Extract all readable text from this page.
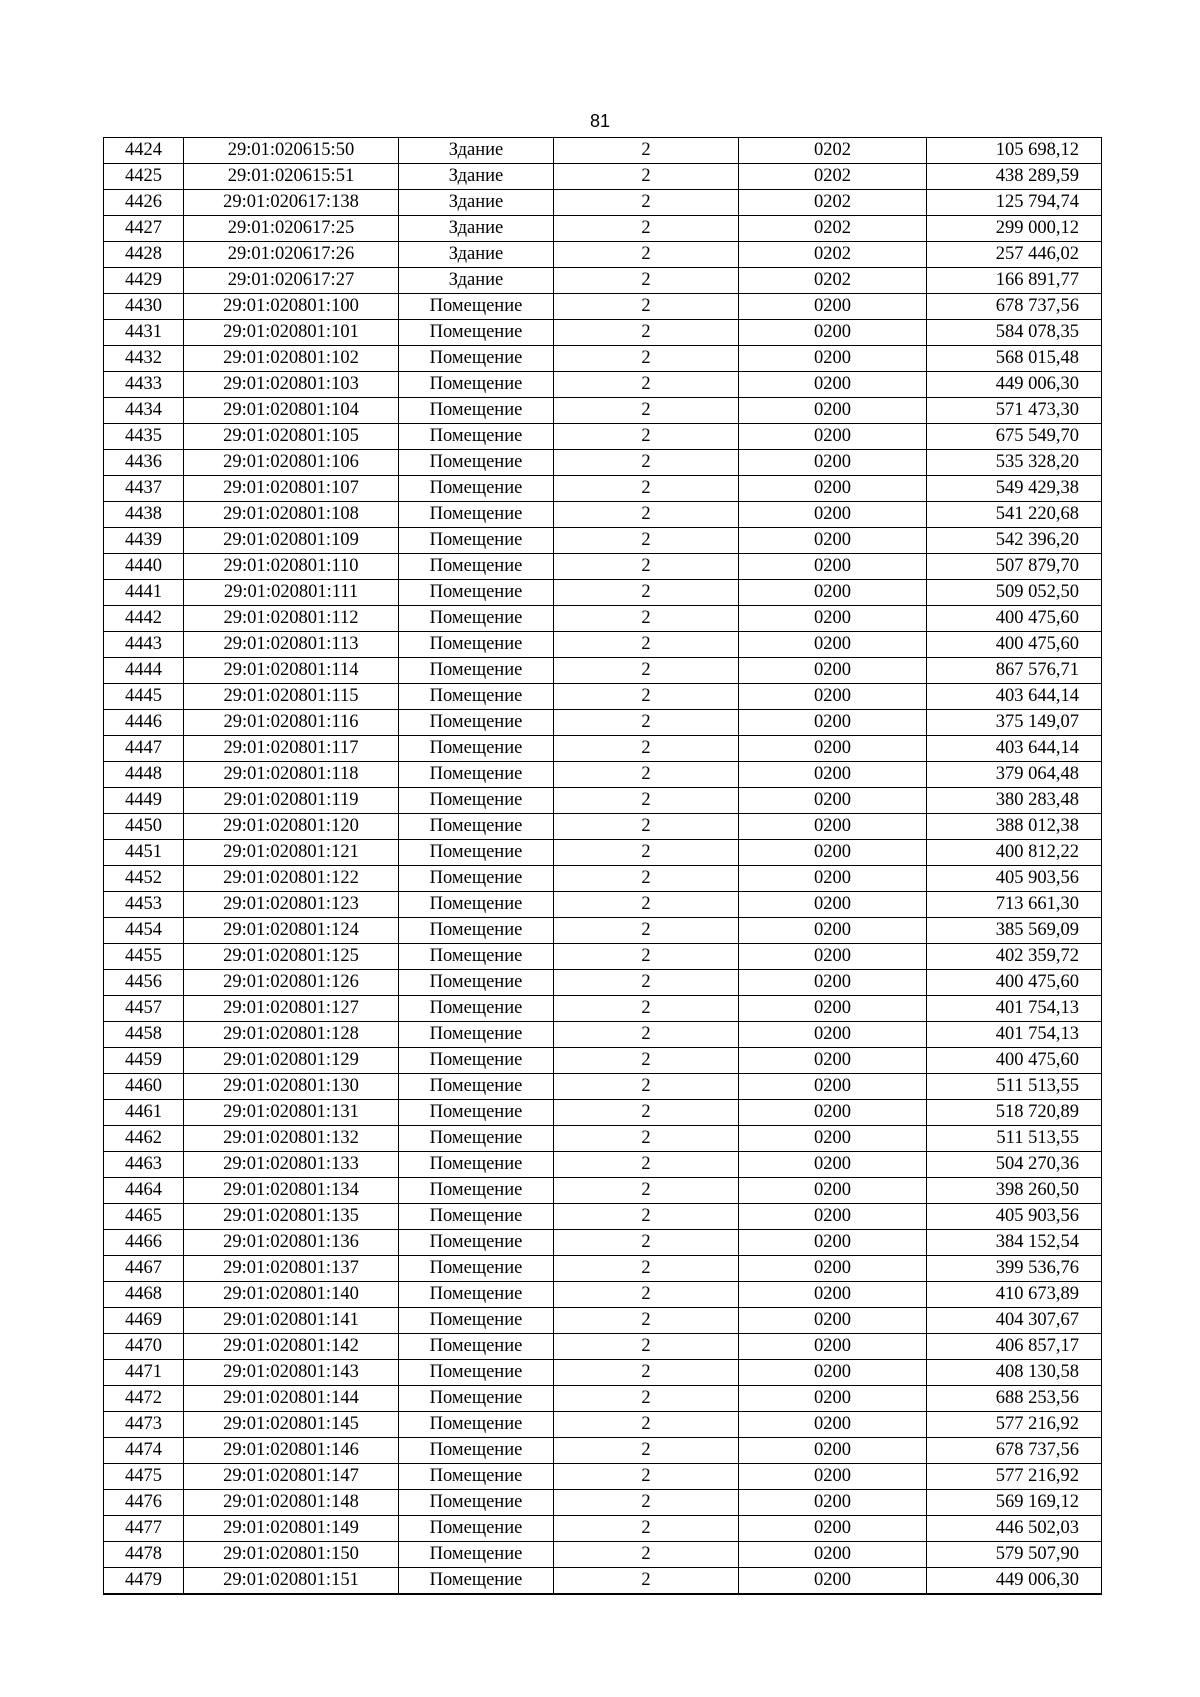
81
4424	29:01:020615:50	Здание	2	0202	105 698,12
4425	29:01:020615:51	Здание	2	0202	438 289,59
4426	29:01:020617:138	Здание	2	0202	125 794,74
4427	29:01:020617:25	Здание	2	0202	299 000,12
4428	29:01:020617:26	Здание	2	0202	257 446,02
4429	29:01:020617:27	Здание	2	0202	166 891,77
4430	29:01:020801:100	Помещение	2	0200	678 737,56
4431	29:01:020801:101	Помещение	2	0200	584 078,35
4432	29:01:020801:102	Помещение	2	0200	568 015,48
4433	29:01:020801:103	Помещение	2	0200	449 006,30
4434	29:01:020801:104	Помещение	2	0200	571 473,30
4435	29:01:020801:105	Помещение	2	0200	675 549,70
4436	29:01:020801:106	Помещение	2	0200	535 328,20
4437	29:01:020801:107	Помещение	2	0200	549 429,38
4438	29:01:020801:108	Помещение	2	0200	541 220,68
4439	29:01:020801:109	Помещение	2	0200	542 396,20
4440	29:01:020801:110	Помещение	2	0200	507 879,70
4441	29:01:020801:111	Помещение	2	0200	509 052,50
4442	29:01:020801:112	Помещение	2	0200	400 475,60
4443	29:01:020801:113	Помещение	2	0200	400 475,60
4444	29:01:020801:114	Помещение	2	0200	867 576,71
4445	29:01:020801:115	Помещение	2	0200	403 644,14
4446	29:01:020801:116	Помещение	2	0200	375 149,07
4447	29:01:020801:117	Помещение	2	0200	403 644,14
4448	29:01:020801:118	Помещение	2	0200	379 064,48
4449	29:01:020801:119	Помещение	2	0200	380 283,48
4450	29:01:020801:120	Помещение	2	0200	388 012,38
4451	29:01:020801:121	Помещение	2	0200	400 812,22
4452	29:01:020801:122	Помещение	2	0200	405 903,56
4453	29:01:020801:123	Помещение	2	0200	713 661,30
4454	29:01:020801:124	Помещение	2	0200	385 569,09
4455	29:01:020801:125	Помещение	2	0200	402 359,72
4456	29:01:020801:126	Помещение	2	0200	400 475,60
4457	29:01:020801:127	Помещение	2	0200	401 754,13
4458	29:01:020801:128	Помещение	2	0200	401 754,13
4459	29:01:020801:129	Помещение	2	0200	400 475,60
4460	29:01:020801:130	Помещение	2	0200	511 513,55
4461	29:01:020801:131	Помещение	2	0200	518 720,89
4462	29:01:020801:132	Помещение	2	0200	511 513,55
4463	29:01:020801:133	Помещение	2	0200	504 270,36
4464	29:01:020801:134	Помещение	2	0200	398 260,50
4465	29:01:020801:135	Помещение	2	0200	405 903,56
4466	29:01:020801:136	Помещение	2	0200	384 152,54
4467	29:01:020801:137	Помещение	2	0200	399 536,76
4468	29:01:020801:140	Помещение	2	0200	410 673,89
4469	29:01:020801:141	Помещение	2	0200	404 307,67
4470	29:01:020801:142	Помещение	2	0200	406 857,17
4471	29:01:020801:143	Помещение	2	0200	408 130,58
4472	29:01:020801:144	Помещение	2	0200	688 253,56
4473	29:01:020801:145	Помещение	2	0200	577 216,92
4474	29:01:020801:146	Помещение	2	0200	678 737,56
4475	29:01:020801:147	Помещение	2	0200	577 216,92
4476	29:01:020801:148	Помещение	2	0200	569 169,12
4477	29:01:020801:149	Помещение	2	0200	446 502,03
4478	29:01:020801:150	Помещение	2	0200	579 507,90
4479	29:01:020801:151	Помещение	2	0200	449 006,30
